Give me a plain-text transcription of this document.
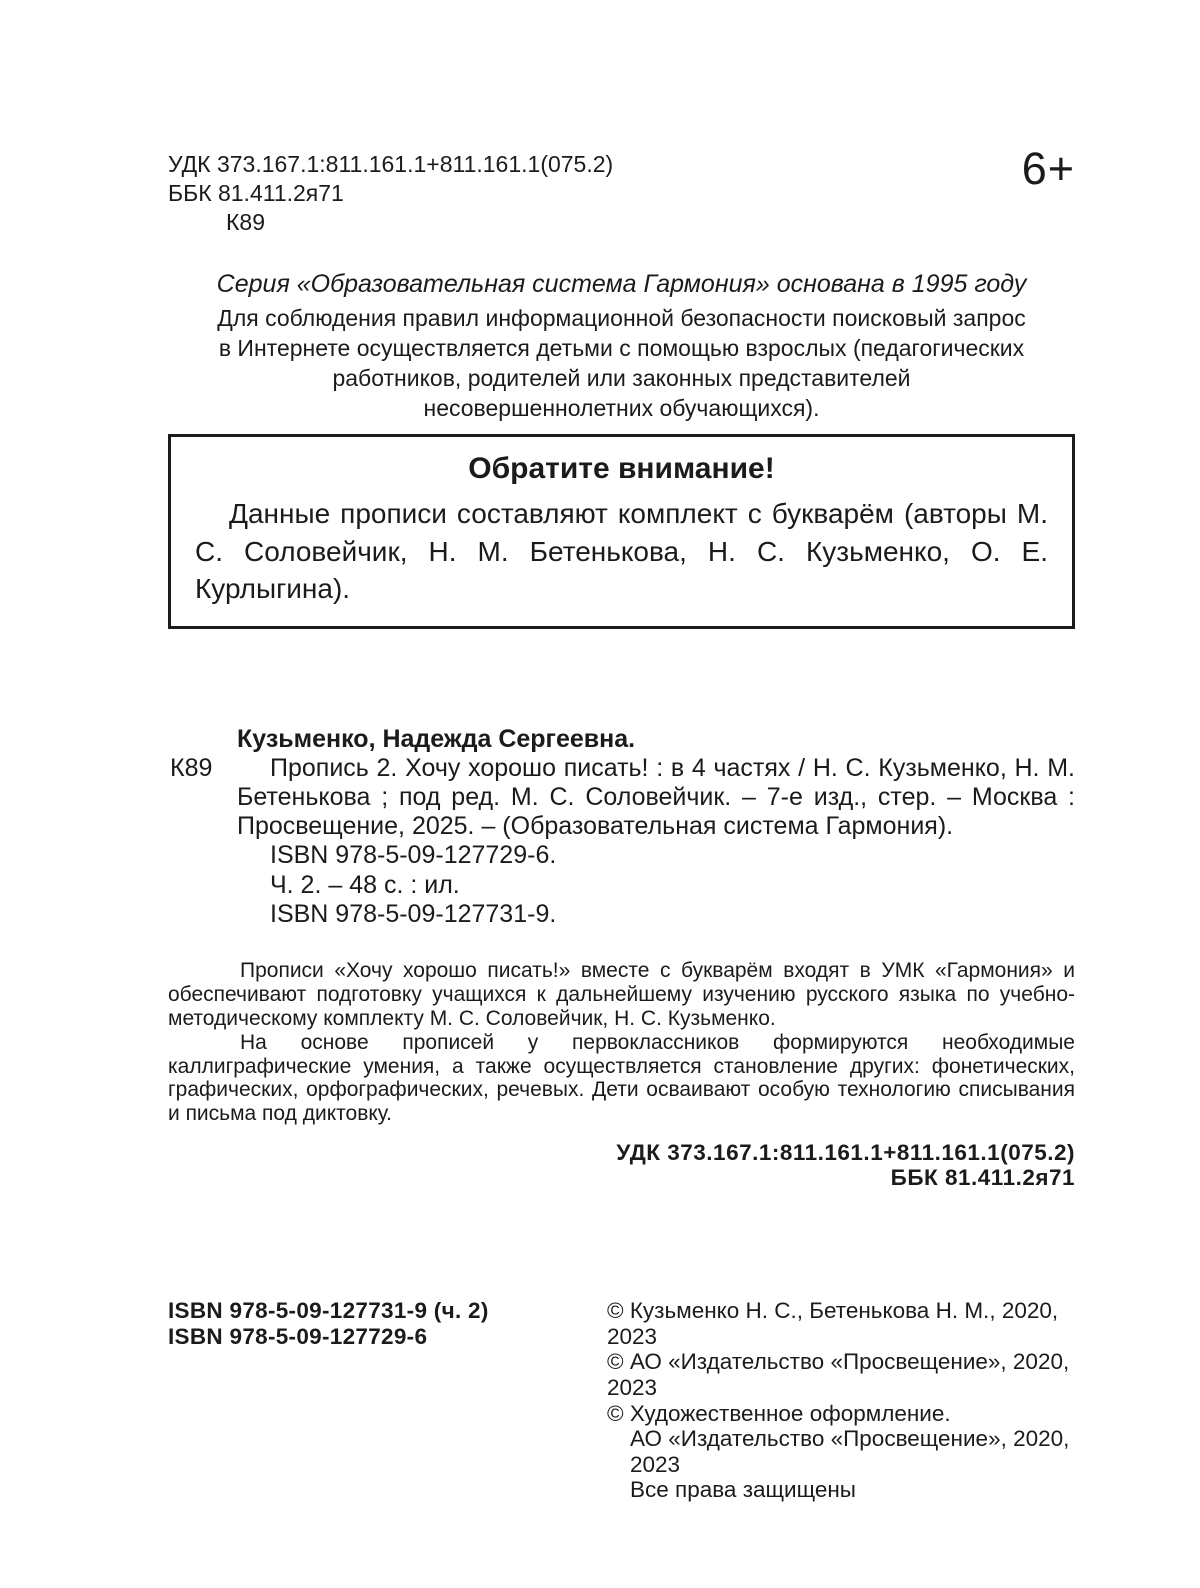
УДК 373.167.1:811.161.1+811.161.1(075.2)
ББК 81.411.2я71
К89
6+

Серия «Образовательная система Гармония» основана в 1995 году

Для соблюдения правил информационной безопасности поисковый запрос в Интернете осуществляется детьми с помощью взрослых (педагогических работников, родителей или законных представителей несовершеннолетних обучающихся).

Обратите внимание!

Данные прописи составляют комплект с букварём (авторы М. С. Соловейчик, Н. М. Бетенькова, Н. С. Кузьменко, О. Е. Курлыгина).

К89

Кузьменко, Надежда Сергеевна.

Пропись 2. Хочу хорошо писать! : в 4 частях / Н. С. Кузьменко, Н. М. Бетенькова ; под ред. М. С. Соловейчик. – 7-е изд., стер. – Москва : Просвещение, 2025. – (Образовательная система Гармония).

ISBN 978-5-09-127729-6.

Ч. 2. – 48 с. : ил.

ISBN 978-5-09-127731-9.

Прописи «Хочу хорошо писать!» вместе с букварём входят в УМК «Гармония» и обеспечивают подготовку учащихся к дальнейшему изучению русского языка по учебно-методическому комплекту М. С. Соловейчик, Н. С. Кузьменко.

На основе прописей у первоклассников формируются необходимые каллиграфические умения, а также осуществляется становление других: фонетических, графических, орфографических, речевых. Дети осваивают особую технологию списывания и письма под диктовку.

УДК 373.167.1:811.161.1+811.161.1(075.2)
ББК 81.411.2я71
ISBN 978-5-09-127731-9 (ч. 2)
ISBN 978-5-09-127729-6
© Кузьменко Н. С., Бетенькова Н. М., 2020, 2023
© АО «Издательство «Просвещение», 2020, 2023
© Художественное оформление.
АО «Издательство «Просвещение», 2020, 2023
Все права защищены
